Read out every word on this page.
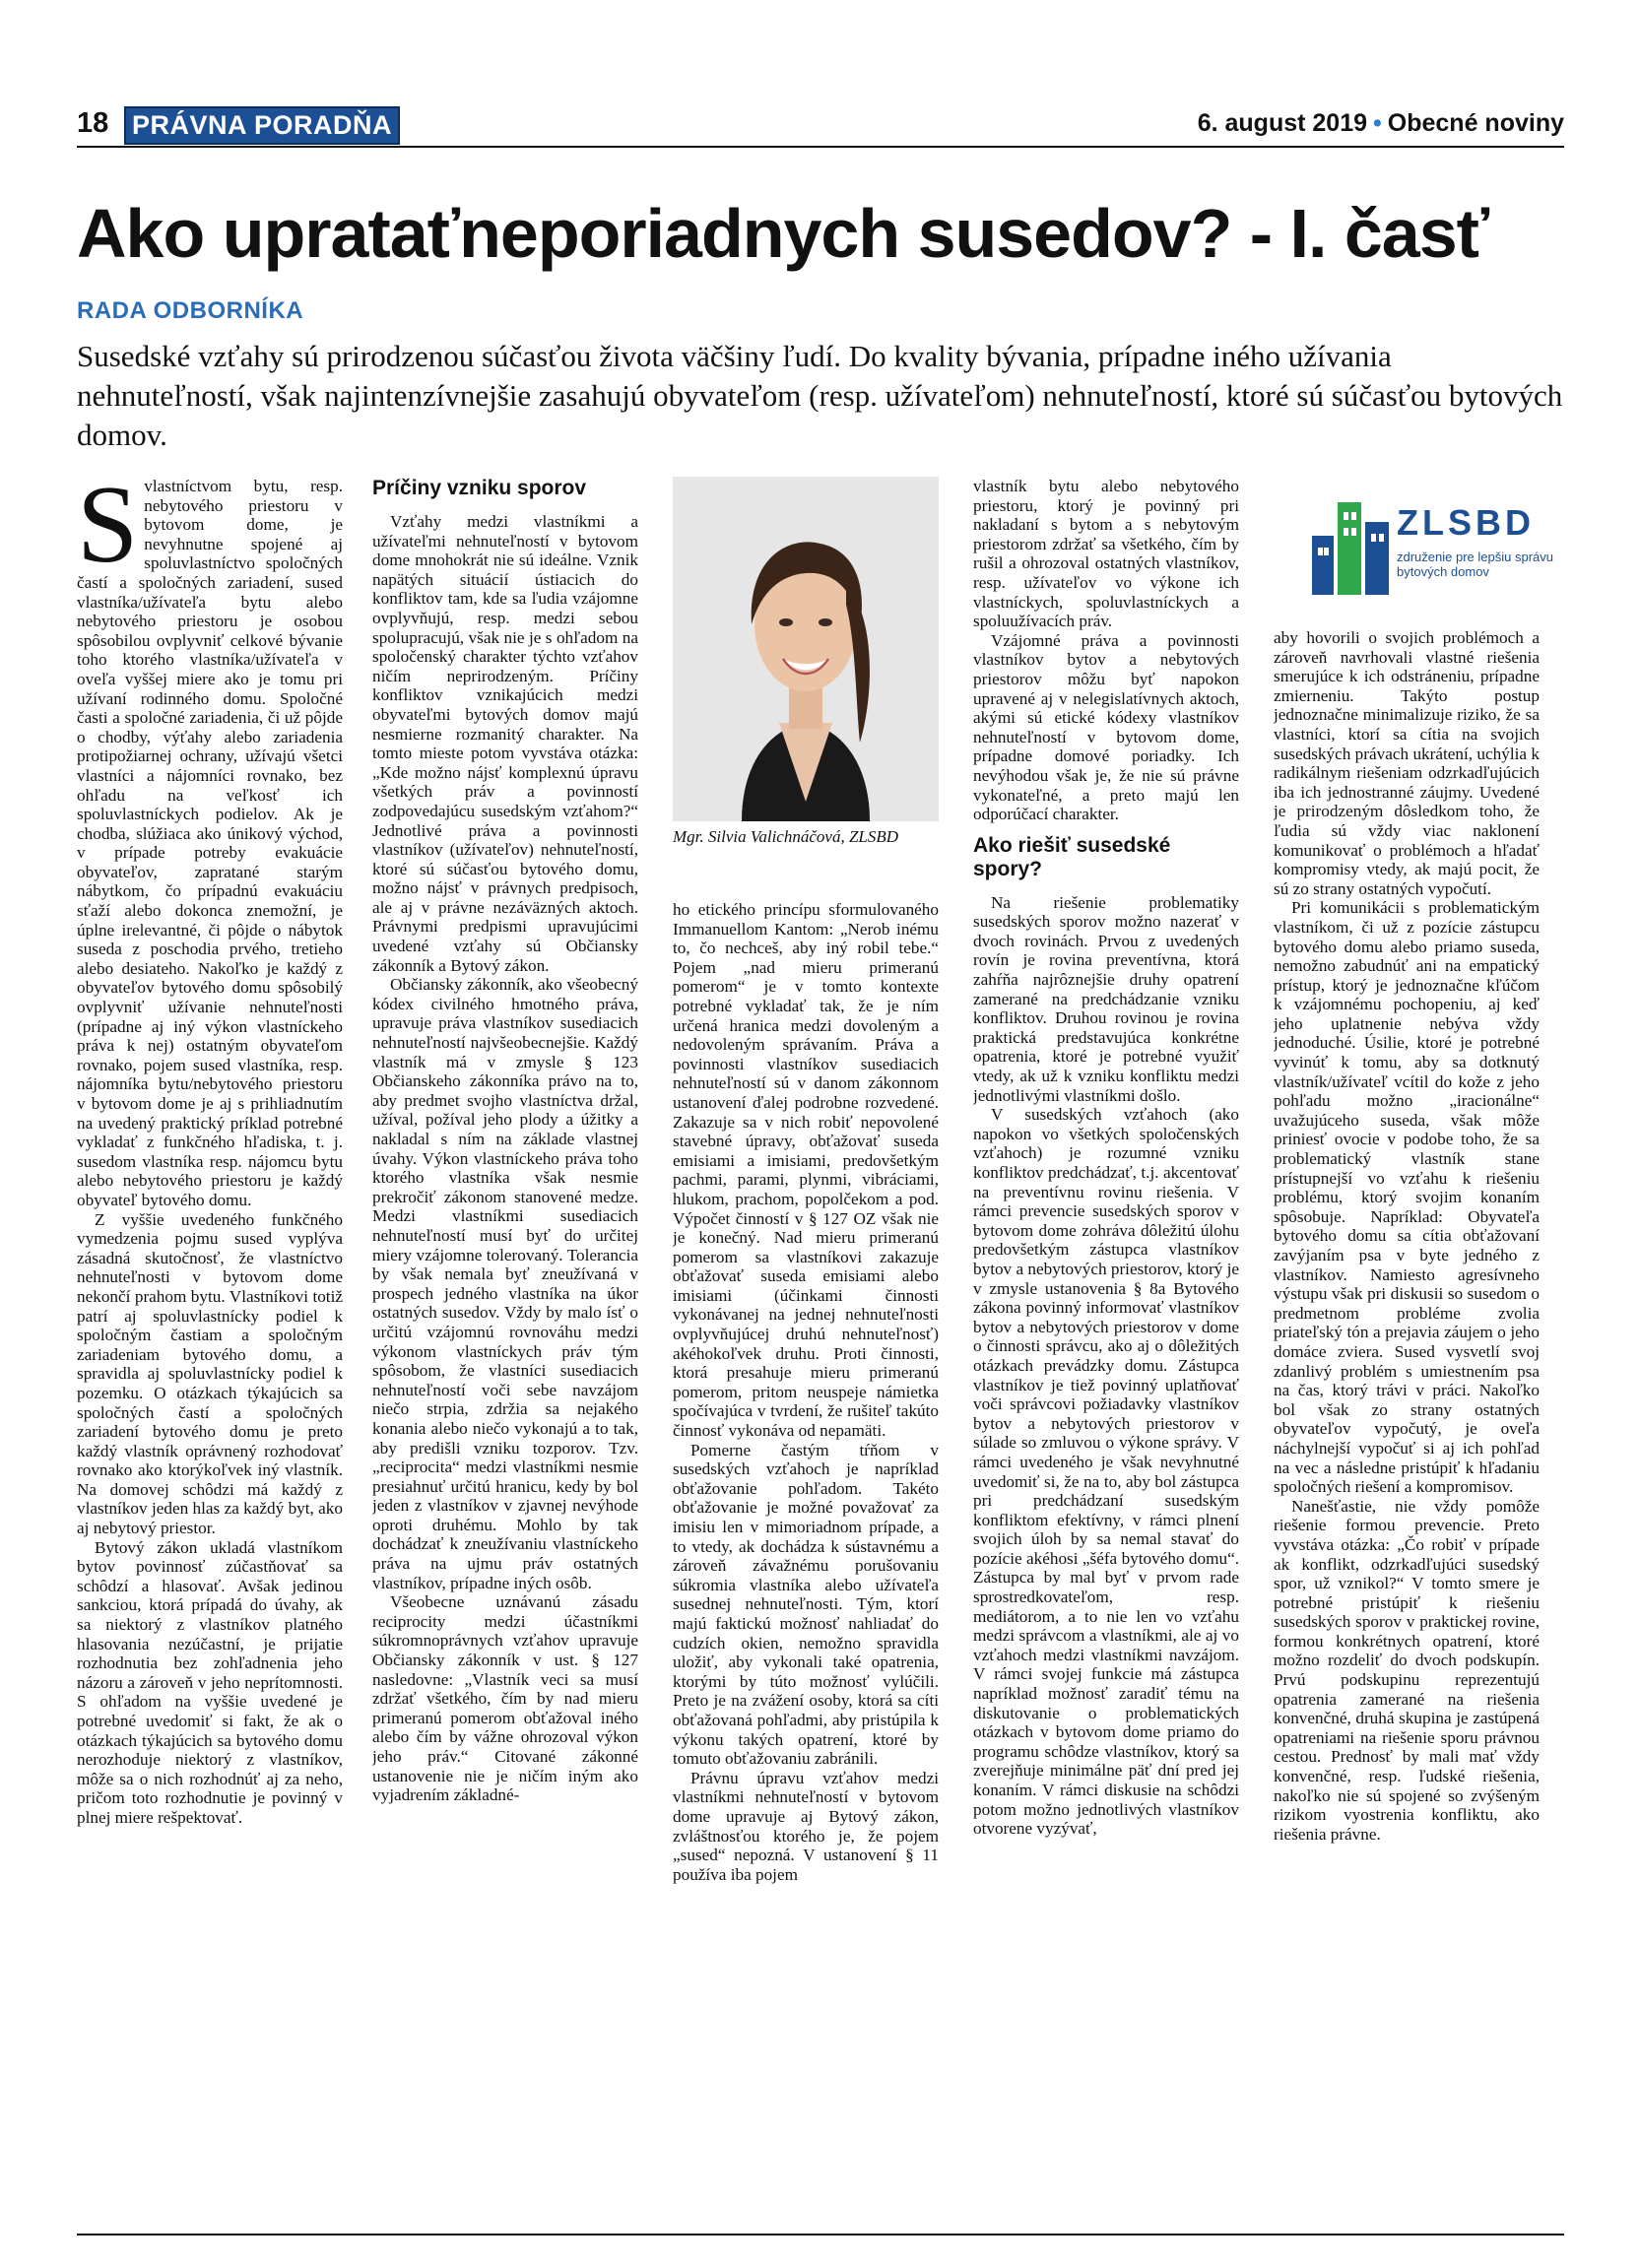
18 PRÁVNA PORADŇA	6. august 2019 • Obecné noviny
Ako uprataťneporiadnych susedov? - I. časť
RADA ODBORNÍKA

Susedské vzťahy sú prirodzenou súčasťou života väčšiny ľudí. Do kvality bývania, prípadne iného užívania nehnuteľností, však najintenzívnejšie zasahujú obyvateľom (resp. užívateľom) nehnuteľností, ktoré sú súčasťou bytových domov.

Svlastníctvom bytu, resp. nebytového priestoru v bytovom dome, je nevyhnutne spojené aj spoluvlastníctvo spoločných častí a spoločných zariadení, sused vlastníka/užívateľa bytu alebo nebytového priestoru je osobou spôsobilou ovplyvniť celkové bývanie toho ktorého vlastníka/užívateľa v oveľa vyššej miere ako je tomu pri užívaní rodinného domu. Spoločné časti a spoločné zariadenia, či už pôjde o chodby, výťahy alebo zariadenia protipožiarnej ochrany, užívajú všetci vlastníci a nájomníci rovnako, bez ohľadu na veľkosť ich spoluvlastníckych podielov. Ak je chodba, slúžiaca ako únikový východ, v prípade potreby evakuácie obyvateľov, zapratané starým nábytkom, čo prípadnú evakuáciu sťaží alebo dokonca znemožní, je úplne irelevantné, či pôjde o nábytok suseda z poschodia prvého, tretieho alebo desiateho. Nakoľko je každý z obyvateľov bytového domu spôsobilý ovplyvniť užívanie nehnuteľnosti (prípadne aj iný výkon vlastníckeho práva k nej) ostatným obyvateľom rovnako, pojem sused vlastníka, resp. nájomníka bytu/nebytového priestoru v bytovom dome je aj s prihliadnutím na uvedený praktický príklad potrebné vykladať z funkčného hľadiska, t. j. susedom vlastníka resp. nájomcu bytu alebo nebytového priestoru je každý obyvateľ bytového domu.

Z vyššie uvedeného funkčného vymedzenia pojmu sused vyplýva zásadná skutočnosť, že vlastníctvo nehnuteľnosti v bytovom dome nekončí prahom bytu. Vlastníkovi totiž patrí aj spoluvlastnícky podiel k spoločným častiam a spoločným zariadeniam bytového domu, a spravidla aj spoluvlastnícky podiel k pozemku. O otázkach týkajúcich sa spoločných častí a spoločných zariadení bytového domu je preto každý vlastník oprávnený rozhodovať rovnako ako ktorýkoľvek iný vlastník. Na domovej schôdzi má každý z vlastníkov jeden hlas za každý byt, ako aj nebytový priestor.

Bytový zákon ukladá vlastníkom bytov povinnosť zúčastňovať sa schôdzí a hlasovať. Avšak jedinou sankciou, ktorá prípadá do úvahy, ak sa niektorý z vlastníkov platného hlasovania nezúčastní, je prijatie rozhodnutia bez zohľadnenia jeho názoru a zároveň v jeho neprítomnosti. S ohľadom na vyššie uvedené je potrebné uvedomiť si fakt, že ak o otázkach týkajúcich sa bytového domu nerozhoduje niektorý z vlastníkov, môže sa o nich rozhodnúť aj za neho, pričom toto rozhodnutie je povinný v plnej miere rešpektovať.

Príčiny vzniku sporov

Vzťahy medzi vlastníkmi a užívateľmi nehnuteľností v bytovom dome mnohokrát nie sú ideálne. Vznik napätých situácií ústiacich do konfliktov tam, kde sa ľudia vzájomne ovplyvňujú, resp. medzi sebou spolupracujú, však nie je s ohľadom na spoločenský charakter týchto vzťahov ničím neprirodzeným. Príčiny konfliktov vznikajúcich medzi obyvateľmi bytových domov majú nesmierne rozmanitý charakter. Na tomto mieste potom vyvstáva otázka: „Kde možno nájsť komplexnú úpravu všetkých práv a povinností zodpovedajúcu susedským vzťahom?“ Jednotlivé práva a povinnosti vlastníkov (užívateľov) nehnuteľností, ktoré sú súčasťou bytového domu, možno nájsť v právnych predpisoch, ale aj v právne nezáväzných aktoch. Právnymi predpismi upravujúcimi uvedené vzťahy sú Občiansky zákonník a Bytový zákon.

Občiansky zákonník, ako všeobecný kódex civilného hmotného práva, upravuje práva vlastníkov susediacich nehnuteľností najvšeobecnejšie. Každý vlastník má v zmysle § 123 Občianskeho zákonníka právo na to, aby predmet svojho vlastníctva držal, užíval, požíval jeho plody a úžitky a nakladal s ním na základe vlastnej úvahy. Výkon vlastníckeho práva toho ktorého vlastníka však nesmie prekročiť zákonom stanovené medze. Medzi vlastníkmi susediacich nehnuteľností musí byť do určitej miery vzájomne tolerovaný. Tolerancia by však nemala byť zneužívaná v prospech jedného vlastníka na úkor ostatných susedov. Vždy by malo ísť o určitú vzájomnú rovnováhu medzi výkonom vlastníckych práv tým spôsobom, že vlastníci susediacich nehnuteľností voči sebe navzájom niečo strpia, zdržia sa nejakého konania alebo niečo vykonajú a to tak, aby predišli vzniku tozporov. Tzv. „reciprocita“ medzi vlastníkmi nesmie presiahnuť určitú hranicu, kedy by bol jeden z vlastníkov v zjavnej nevýhode oproti druhému. Mohlo by tak dochádzať k zneužívaniu vlastníckeho práva na ujmu práv ostatných vlastníkov, prípadne iných osôb.

Všeobecne uznávanú zásadu reciprocity medzi účastníkmi súkromnoprávnych vzťahov upravuje Občiansky zákonník v ust. § 127 nasledovne: „Vlastník veci sa musí zdržať všetkého, čím by nad mieru primeranú pomerom obťažoval iného alebo čím by vážne ohrozoval výkon jeho práv.“ Citované zákonné ustanovenie nie je ničím iným ako vyjadrením základné-

Mgr. Silvia Valichnáčová, ZLSBD

ho etického princípu sformulovaného Immanuellom Kantom: „Nerob inému to, čo nechceš, aby iný robil tebe.“ Pojem „nad mieru primeranú pomerom“ je v tomto kontexte potrebné vykladať tak, že je ním určená hranica medzi dovoleným a nedovoleným správaním. Práva a povinnosti vlastníkov susediacich nehnuteľností sú v danom zákonnom ustanovení ďalej podrobne rozvedené. Zakazuje sa v nich robiť nepovolené stavebné úpravy, obťažovať suseda emisiami a imisiami, predovšetkým pachmi, parami, plynmi, vibráciami, hlukom, prachom, popolčekom a pod. Výpočet činností v § 127 OZ však nie je konečný. Nad mieru primeranú pomerom sa vlastníkovi zakazuje obťažovať suseda emisiami alebo imisiami (účinkami činnosti vykonávanej na jednej nehnuteľnosti ovplyvňujúcej druhú nehnuteľnosť) akéhokoľvek druhu. Proti činnosti, ktorá presahuje mieru primeranú pomerom, pritom neuspeje námietka spočívajúca v tvrdení, že rušiteľ takúto činnosť vykonáva od nepamäti.

Pomerne častým tŕňom v susedských vzťahoch je napríklad obťažovanie pohľadom. Takéto obťažovanie je možné považovať za imisiu len v mimoriadnom prípade, a to vtedy, ak dochádza k sústavnému a zároveň závažnému porušovaniu súkromia vlastníka alebo užívateľa susednej nehnuteľnosti. Tým, ktorí majú faktickú možnosť nahliadať do cudzích okien, nemožno spravidla uložiť, aby vykonali také opatrenia, ktorými by túto možnosť vylúčili. Preto je na zvážení osoby, ktorá sa cíti obťažovaná pohľadmi, aby pristúpila k výkonu takých opatrení, ktoré by tomuto obťažovaniu zabránili.

Právnu úpravu vzťahov medzi vlastníkmi nehnuteľností v bytovom dome upravuje aj Bytový zákon, zvláštnosťou ktorého je, že pojem „sused“ nepozná. V ustanovení § 11 používa iba pojem

vlastník bytu alebo nebytového priestoru, ktorý je povinný pri nakladaní s bytom a s nebytovým priestorom zdržať sa všetkého, čím by rušil a ohrozoval ostatných vlastníkov, resp. užívateľov vo výkone ich vlastníckych, spoluvlastníckych a spoluužívacích práv.

Vzájomné práva a povinnosti vlastníkov bytov a nebytových priestorov môžu byť napokon upravené aj v nelegislatívnych aktoch, akými sú etické kódexy vlastníkov nehnuteľností v bytovom dome, prípadne domové poriadky. Ich nevýhodou však je, že nie sú právne vykonateľné, a preto majú len odporúčací charakter.

Ako riešiť susedské spory?

Na riešenie problematiky susedských sporov možno nazerať v dvoch rovinách. Prvou z uvedených rovín je rovina preventívna, ktorá zahŕňa najrôznejšie druhy opatrení zamerané na predchádzanie vzniku konfliktov. Druhou rovinou je rovina praktická predstavujúca konkrétne opatrenia, ktoré je potrebné využiť vtedy, ak už k vzniku konfliktu medzi jednotlivými vlastníkmi došlo.

V susedských vzťahoch (ako napokon vo všetkých spoločenských vzťahoch) je rozumné vzniku konfliktov predchádzať, t.j. akcentovať na preventívnu rovinu riešenia. V rámci prevencie susedských sporov v bytovom dome zohráva dôležitú úlohu predovšetkým zástupca vlastníkov bytov a nebytových priestorov, ktorý je v zmysle ustanovenia § 8a Bytového zákona povinný informovať vlastníkov bytov a nebytových priestorov v dome o činnosti správcu, ako aj o dôležitých otázkach prevádzky domu. Zástupca vlastníkov je tiež povinný uplatňovať voči správcovi požiadavky vlastníkov bytov a nebytových priestorov v súlade so zmluvou o výkone správy. V rámci uvedeného je však nevyhnutné uvedomiť si, že na to, aby bol zástupca pri predchádzaní susedským konfliktom efektívny, v rámci plnení svojich úloh by sa nemal stavať do pozície akéhosi „šéfa bytového domu“. Zástupca by mal byť v prvom rade sprostredkovateľom, resp. mediátorom, a to nie len vo vzťahu medzi správcom a vlastníkmi, ale aj vo vzťahoch medzi vlastníkmi navzájom. V rámci svojej funkcie má zástupca napríklad možnosť zaradiť tému na diskutovanie o problematických otázkach v bytovom dome priamo do programu schôdze vlastníkov, ktorý sa zverejňuje minimálne päť dní pred jej konaním. V rámci diskusie na schôdzi potom možno jednotlivých vlastníkov otvorene vyzývať,

ZLSBD
združenie pre lepšiu správu bytových domov

aby hovorili o svojich problémoch a zároveň navrhovali vlastné riešenia smerujúce k ich odstráneniu, prípadne zmierneniu. Takýto postup jednoznačne minimalizuje riziko, že sa vlastníci, ktorí sa cítia na svojich susedských právach ukrátení, uchýlia k radikálnym riešeniam odzrkadľujúcich iba ich jednostranné záujmy. Uvedené je prirodzeným dôsledkom toho, že ľudia sú vždy viac naklonení komunikovať o problémoch a hľadať kompromisy vtedy, ak majú pocit, že sú zo strany ostatných vypočutí.

Pri komunikácii s problematickým vlastníkom, či už z pozície zástupcu bytového domu alebo priamo suseda, nemožno zabudnúť ani na empatický prístup, ktorý je jednoznačne kľúčom k vzájomnému pochopeniu, aj keď jeho uplatnenie nebýva vždy jednoduché. Úsilie, ktoré je potrebné vyvinúť k tomu, aby sa dotknutý vlastník/užívateľ vcítil do kože z jeho pohľadu možno „iracionálne“ uvažujúceho suseda, však môže priniesť ovocie v podobe toho, že sa problematický vlastník stane prístupnejší vo vzťahu k riešeniu problému, ktorý svojim konaním spôsobuje. Napríklad: Obyvateľa bytového domu sa cítia obťažovaní zavýjaním psa v byte jedného z vlastníkov. Namiesto agresívneho výstupu však pri diskusii so susedom o predmetnom probléme zvolia priateľský tón a prejavia záujem o jeho domáce zviera. Sused vysvetlí svoj zdanlivý problém s umiestnením psa na čas, ktorý trávi v práci. Nakoľko bol však zo strany ostatných obyvateľov vypočutý, je oveľa náchylnejší vypočuť si aj ich pohľad na vec a následne pristúpiť k hľadaniu spoločných riešení a kompromisov.

Nanešťastie, nie vždy pomôže riešenie formou prevencie. Preto vyvstáva otázka: „Čo robiť v prípade ak konflikt, odzrkadľujúci susedský spor, už vznikol?“ V tomto smere je potrebné pristúpiť k riešeniu susedských sporov v praktickej rovine, formou konkrétnych opatrení, ktoré možno rozdeliť do dvoch podskupín. Prvú podskupinu reprezentujú opatrenia zamerané na riešenia konvenčné, druhá skupina je zastúpená opatreniami na riešenie sporu právnou cestou. Prednosť by mali mať vždy konvenčné, resp. ľudské riešenia, nakoľko nie sú spojené so zvýšeným rizikom vyostrenia konfliktu, ako riešenia právne.
